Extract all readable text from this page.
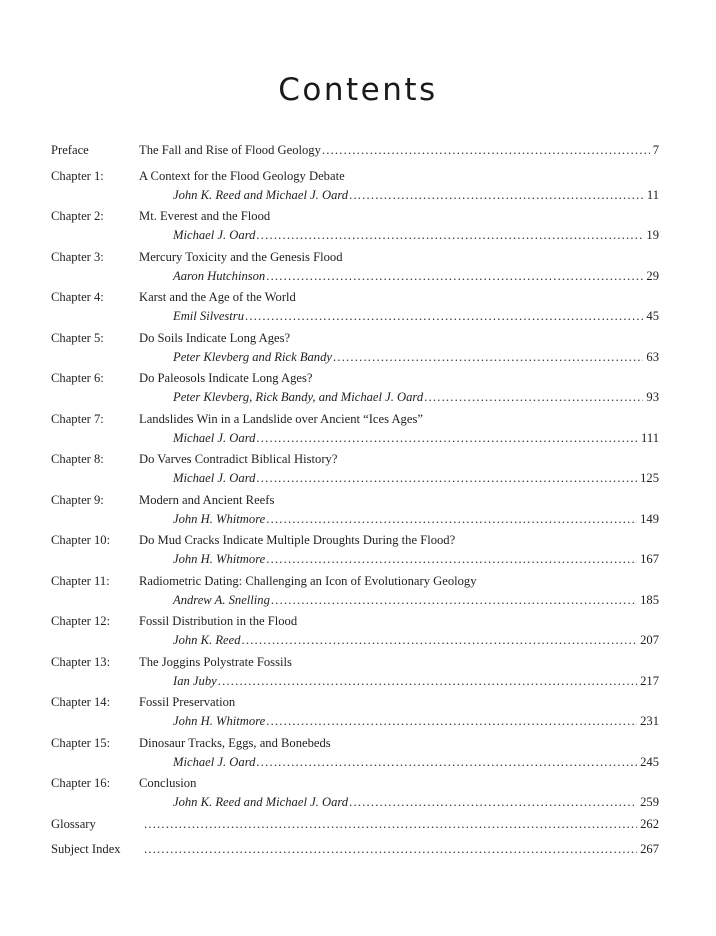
Contents
Preface	The Fall and Rise of Flood Geology .....	7
Chapter 1:	A Context for the Flood Geology Debate
John K. Reed and Michael J. Oard .....	11
Chapter 2:	Mt. Everest and the Flood
Michael J. Oard .....	19
Chapter 3:	Mercury Toxicity and the Genesis Flood
Aaron Hutchinson .....	29
Chapter 4:	Karst and the Age of the World
Emil Silvestru .....	45
Chapter 5:	Do Soils Indicate Long Ages?
Peter Klevberg and Rick Bandy .....	63
Chapter 6:	Do Paleosols Indicate Long Ages?
Peter Klevberg, Rick Bandy, and Michael J. Oard .....	93
Chapter 7:	Landslides Win in a Landslide over Ancient “Ices Ages”
Michael J. Oard .....	111
Chapter 8:	Do Varves Contradict Biblical History?
Michael J. Oard .....	125
Chapter 9:	Modern and Ancient Reefs
John H. Whitmore .....	149
Chapter 10:	Do Mud Cracks Indicate Multiple Droughts During the Flood?
John H. Whitmore .....	167
Chapter 11:	Radiometric Dating: Challenging an Icon of Evolutionary Geology
Andrew A. Snelling .....	185
Chapter 12:	Fossil Distribution in the Flood
John K. Reed .....	207
Chapter 13:	The Joggins Polystrate Fossils
Ian Juby .....	217
Chapter 14:	Fossil Preservation
John H. Whitmore .....	231
Chapter 15:	Dinosaur Tracks, Eggs, and Bonebeds
Michael J. Oard .....	245
Chapter 16:	Conclusion
John K. Reed and Michael J. Oard .....	259
Glossary .....	262
Subject Index .....	267
